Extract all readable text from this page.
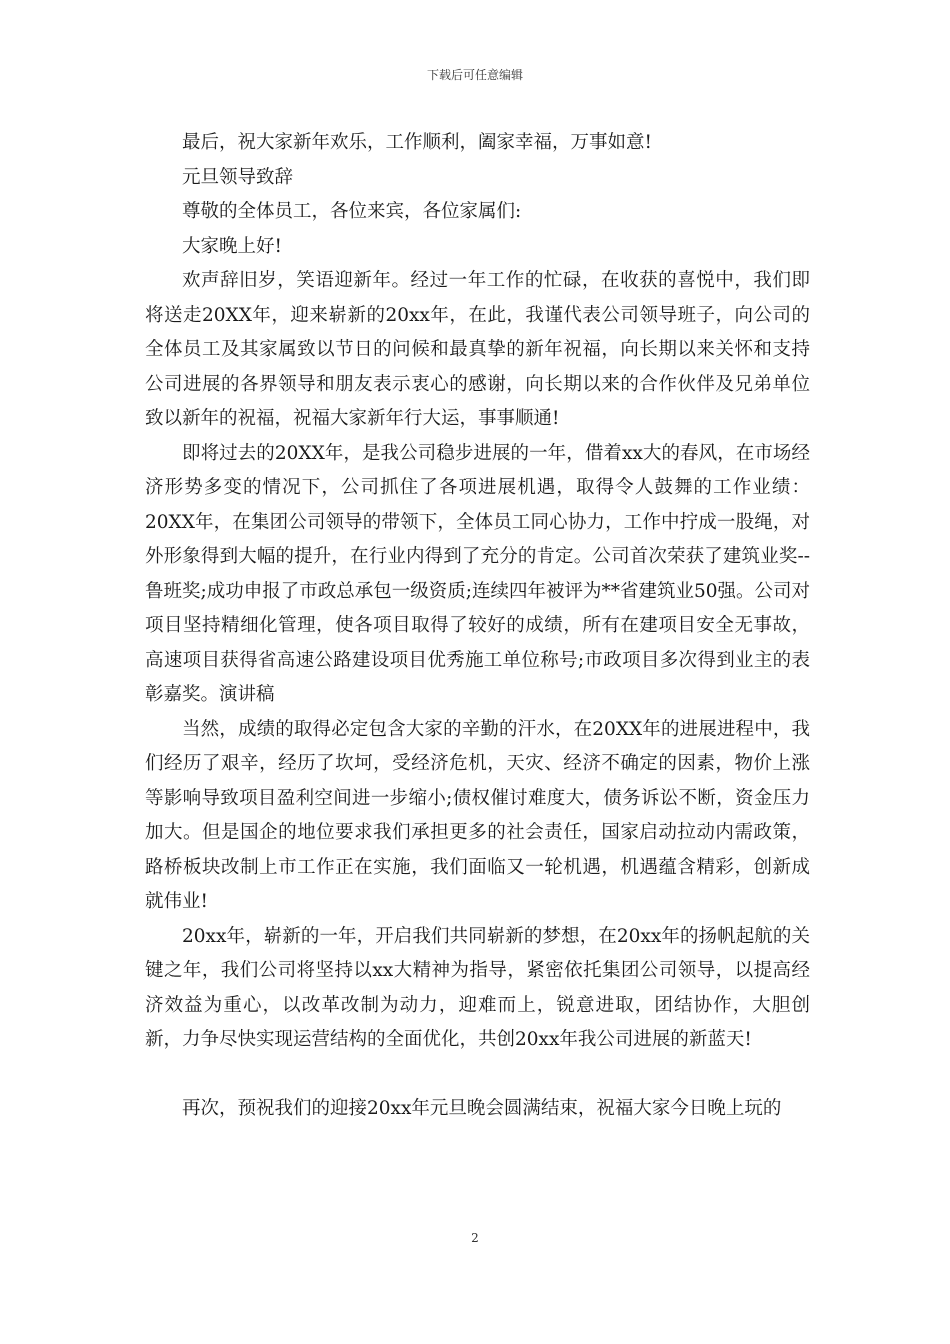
下载后可任意编辑

最后，祝大家新年欢乐，工作顺利，阖家幸福，万事如意!

元旦领导致辞

尊敬的全体员工，各位来宾，各位家属们:

大家晚上好!

欢声辞旧岁，笑语迎新年。经过一年工作的忙碌，在收获的喜悦中，我们即将送走20XX年，迎来崭新的20xx年，在此，我谨代表公司领导班子，向公司的全体员工及其家属致以节日的问候和最真挚的新年祝福，向长期以来关怀和支持公司进展的各界领导和朋友表示衷心的感谢，向长期以来的合作伙伴及兄弟单位致以新年的祝福，祝福大家新年行大运，事事顺通!

即将过去的20XX年，是我公司稳步进展的一年，借着xx大的春风，在市场经济形势多变的情况下，公司抓住了各项进展机遇，取得令人鼓舞的工作业绩：20XX年，在集团公司领导的带领下，全体员工同心协力，工作中拧成一股绳，对外形象得到大幅的提升，在行业内得到了充分的肯定。公司首次荣获了建筑业奖--鲁班奖;成功申报了市政总承包一级资质;连续四年被评为**省建筑业50强。公司对项目坚持精细化管理，使各项目取得了较好的成绩，所有在建项目安全无事故，高速项目获得省高速公路建设项目优秀施工单位称号;市政项目多次得到业主的表彰嘉奖。演讲稿

当然，成绩的取得必定包含大家的辛勤的汗水，在20XX年的进展进程中，我们经历了艰辛，经历了坎坷，受经济危机，天灾、经济不确定的因素，物价上涨等影响导致项目盈利空间进一步缩小;债权催讨难度大，债务诉讼不断，资金压力加大。但是国企的地位要求我们承担更多的社会责任，国家启动拉动内需政策，路桥板块改制上市工作正在实施，我们面临又一轮机遇，机遇蕴含精彩，创新成就伟业!

20xx年，崭新的一年，开启我们共同崭新的梦想，在20xx年的扬帆起航的关键之年，我们公司将坚持以xx大精神为指导，紧密依托集团公司领导，以提高经济效益为重心，以改革改制为动力，迎难而上，锐意进取，团结协作，大胆创新，力争尽快实现运营结构的全面优化，共创20xx年我公司进展的新蓝天!

再次，预祝我们的迎接20xx年元旦晚会圆满结束，祝福大家今日晚上玩的

2
